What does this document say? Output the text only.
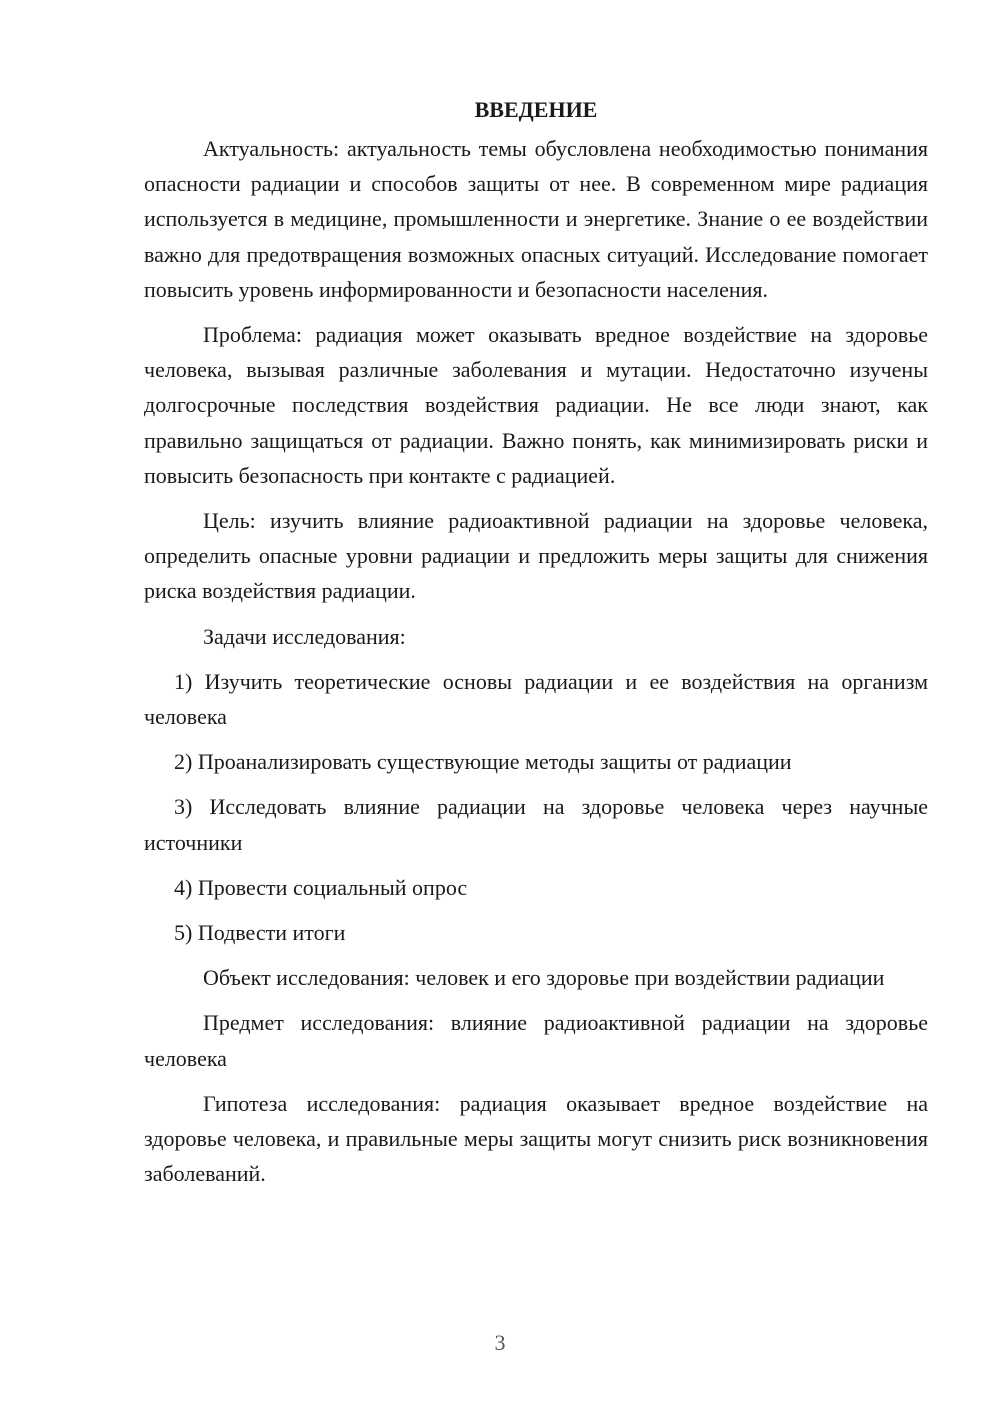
ВВЕДЕНИЕ

Актуальность: актуальность темы обусловлена необходимостью понимания опасности радиации и способов защиты от нее. В современном мире радиация используется в медицине, промышленности и энергетике. Знание о ее воздействии важно для предотвращения возможных опасных ситуаций. Исследование помогает повысить уровень информированности и безопасности населения.

Проблема: радиация может оказывать вредное воздействие на здоровье человека, вызывая различные заболевания и мутации. Недостаточно изучены долгосрочные последствия воздействия радиации. Не все люди знают, как правильно защищаться от радиации. Важно понять, как минимизировать риски и повысить безопасность при контакте с радиацией.

Цель: изучить влияние радиоактивной радиации на здоровье человека, определить опасные уровни радиации и предложить меры защиты для снижения риска воздействия радиации.

Задачи исследования:

1) Изучить теоретические основы радиации и ее воздействия на организм человека

2) Проанализировать существующие методы защиты от радиации

3) Исследовать влияние радиации на здоровье человека через научные источники

4) Провести социальный опрос

5) Подвести итоги

Объект исследования: человек и его здоровье при воздействии радиации

Предмет исследования: влияние радиоактивной радиации на здоровье человека

Гипотеза исследования: радиация оказывает вредное воздействие на здоровье человека, и правильные меры защиты могут снизить риск возникновения заболеваний.

3
